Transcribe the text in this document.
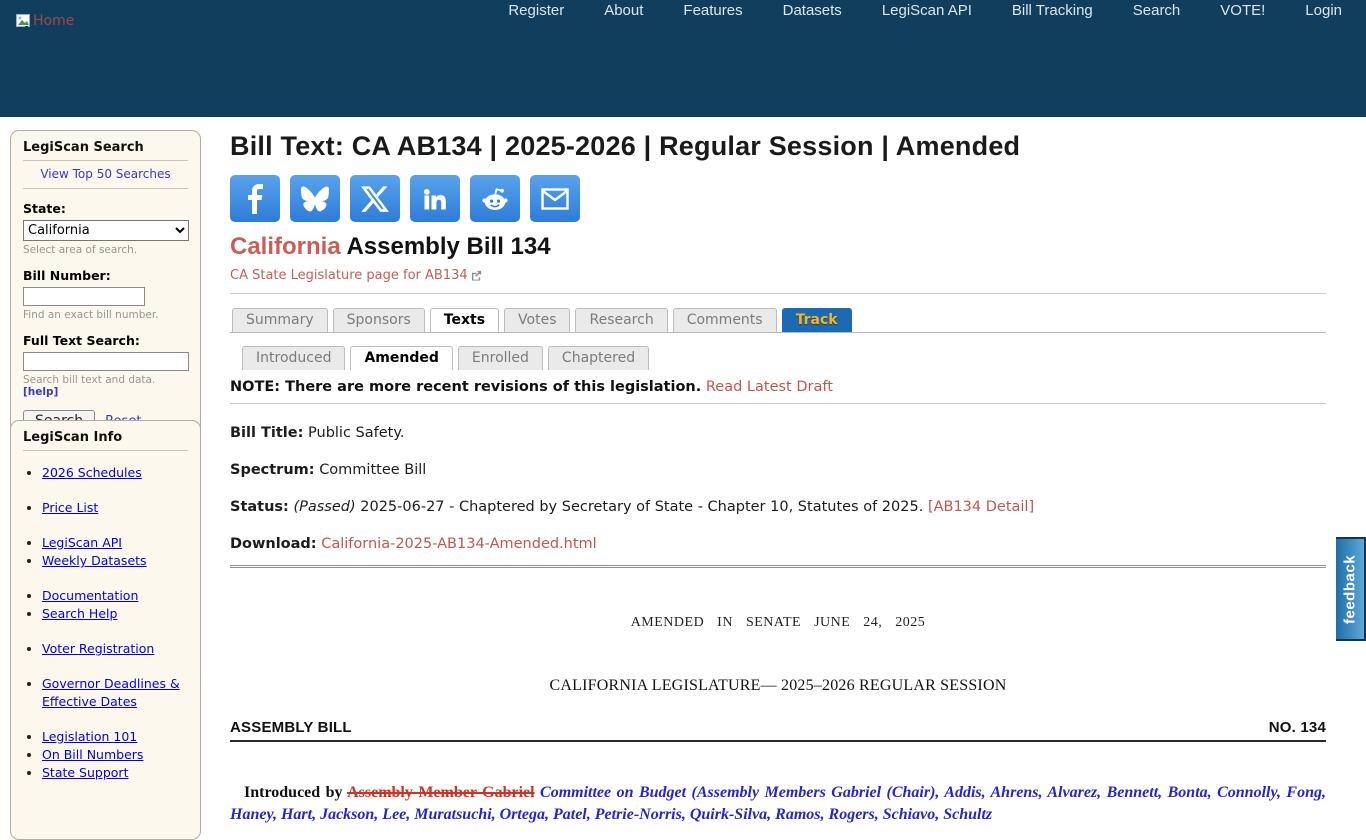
Home
Register	About	Features	Datasets	LegiScan API	Bill Tracking	Search	VOTE!	Login
LegiScan Search
View Top 50 Searches
State:
California
Select area of search.
Bill Number:
Find an exact bill number.
Full Text Search:
Search bill text and data. [help]
LegiScan Info
• 2026 Schedules
• Price List
• LegiScan API
• Weekly Datasets
• Documentation
• Search Help
• Voter Registration
• Governor Deadlines & Effective Dates
• Legislation 101
• On Bill Numbers
• State Support
Bill Text: CA AB134 | 2025-2026 | Regular Session | Amended
California Assembly Bill 134
CA State Legislature page for AB134
Summary	Sponsors	Texts	Votes	Research	Comments	Track
Introduced	Amended	Enrolled	Chaptered
NOTE: There are more recent revisions of this legislation. Read Latest Draft
Bill Title: Public Safety.
Spectrum: Committee Bill
Status: (Passed) 2025-06-27 - Chaptered by Secretary of State - Chapter 10, Statutes of 2025. [AB134 Detail]
Download: California-2025-AB134-Amended.html
AMENDED IN SENATE JUNE 24, 2025
CALIFORNIA LEGISLATURE— 2025–2026 REGULAR SESSION
ASSEMBLY BILL	NO. 134

Introduced by Assembly Member Gabriel Committee on Budget (Assembly Members Gabriel (Chair), Addis, Ahrens, Alvarez, Bennett, Bonta, Connolly, Fong, Haney, Hart, Jackson, Lee, Muratsuchi, Ortega, Patel, Petrie-Norris, Quirk-Silva, Ramos, Rogers, Schiavo, Schultz

feedback
